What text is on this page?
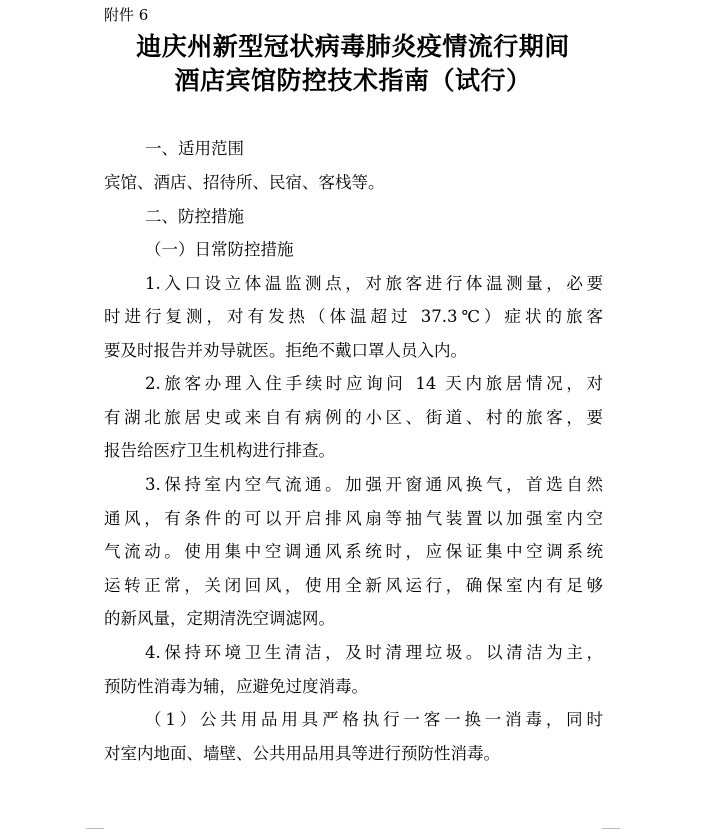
附件 6
迪庆州新型冠状病毒肺炎疫情流行期间
酒店宾馆防控技术指南（试行）
一、适用范围
宾馆、酒店、招待所、民宿、客栈等。
二、防控措施
（一）日常防控措施
1.入口设立体温监测点，对旅客进行体温测量，必要
时进行复测，对有发热（体温超过 37.3℃）症状的旅客
要及时报告并劝导就医。拒绝不戴口罩人员入内。
2.旅客办理入住手续时应询问 14 天内旅居情况，对
有湖北旅居史或来自有病例的小区、街道、村的旅客，要
报告给医疗卫生机构进行排查。
3.保持室内空气流通。加强开窗通风换气，首选自然
通风，有条件的可以开启排风扇等抽气装置以加强室内空
气流动。使用集中空调通风系统时，应保证集中空调系统
运转正常，关闭回风，使用全新风运行，确保室内有足够
的新风量，定期清洗空调滤网。
4.保持环境卫生清洁，及时清理垃圾。以清洁为主，
预防性消毒为辅，应避免过度消毒。
（1）公共用品用具严格执行一客一换一消毒，同时
对室内地面、墙壁、公共用品用具等进行预防性消毒。
